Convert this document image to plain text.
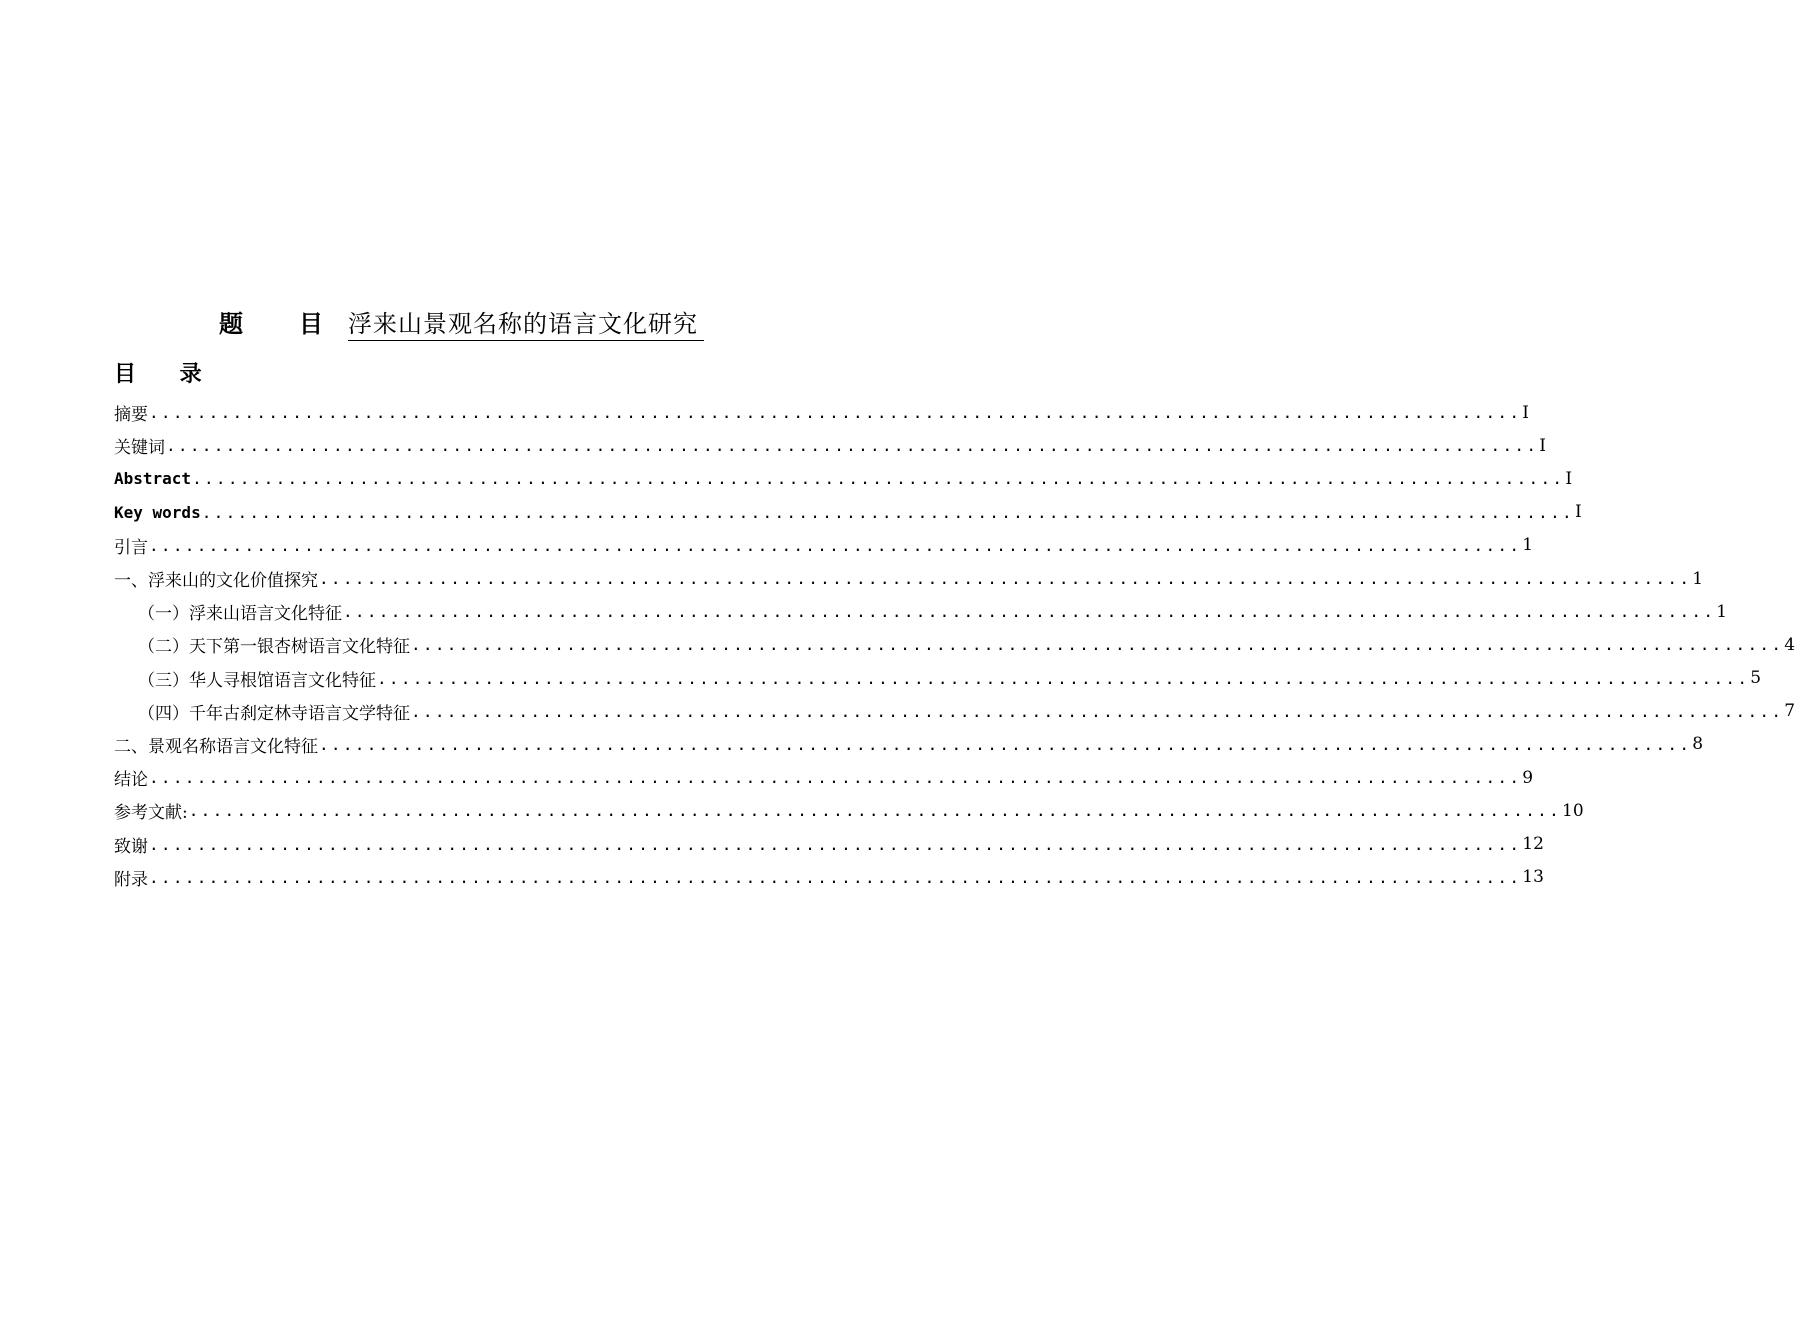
题 目 浮来山景观名称的语言文化研究
目 录
摘要 ................................................................................................................... I
关键词 ................................................................................................................... I
Abstract ................................................................................................................... I
Key words ................................................................................................................... I
引言 ................................................................................................................... 1
一、浮来山的文化价值探究 ................................................................................................................... 1
（一）浮来山语言文化特征 ................................................................................................................... 1
（二）天下第一银杏树语言文化特征 ................................................................................................................... 4
（三）华人寻根馆语言文化特征 ................................................................................................................... 5
（四）千年古刹定林寺语言文学特征 ................................................................................................................... 7
二、景观名称语言文化特征 ................................................................................................................... 8
结论 ................................................................................................................... 9
参考文献: ................................................................................................................... 10
致谢 ................................................................................................................... 12
附录 ................................................................................................................... 13
